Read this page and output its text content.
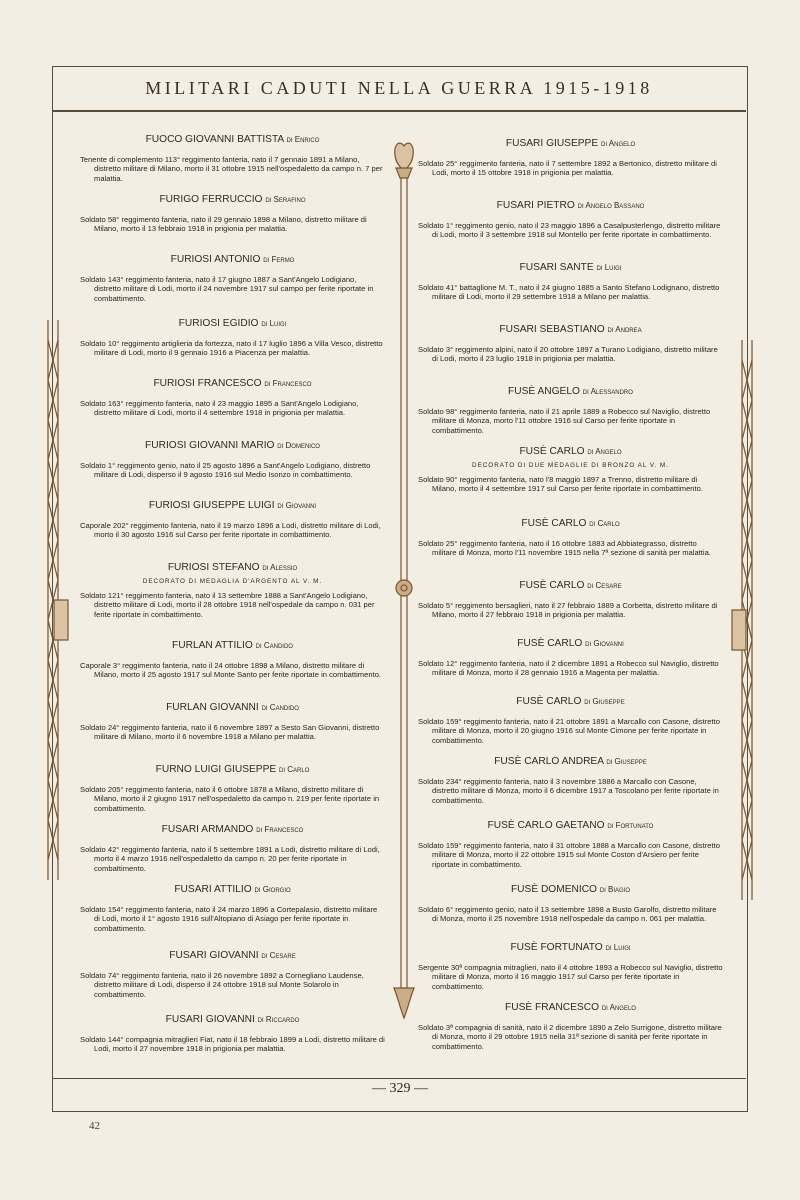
MILITARI CADUTI NELLA GUERRA 1915-1918

FUOCO GIOVANNI BATTISTA di Enrico

Tenente di complemento 113° reggimento fanteria, nato il 7 gennaio 1891 a Milano, distretto militare di Milano, morto il 31 ottobre 1915 nell'ospedaletto da campo n. 7 per malattia.

FURIGO FERRUCCIO di Serafino

Soldato 58° reggimento fanteria, nato il 29 gennaio 1898 a Milano, distretto militare di Milano, morto il 13 febbraio 1918 in prigionia per malattia.

FURIOSI ANTONIO di Fermo

Soldato 143° reggimento fanteria, nato il 17 giugno 1887 a Sant'Angelo Lodigiano, distretto militare di Lodi, morto il 24 novembre 1917 sul campo per ferite riportate in combattimento.

FURIOSI EGIDIO di Luigi

Soldato 10° reggimento artiglieria da fortezza, nato il 17 luglio 1896 a Villa Vesco, distretto militare di Lodi, morto il 9 gennaio 1916 a Piacenza per malattia.

FURIOSI FRANCESCO di Francesco

Soldato 163° reggimento fanteria, nato il 23 maggio 1895 a Sant'Angelo Lodigiano, distretto militare di Lodi, morto il 4 settembre 1918 in prigionia per malattia.

FURIOSI GIOVANNI MARIO di Domenico

Soldato 1° reggimento genio, nato il 25 agosto 1896 a Sant'Angelo Lodigiano, distretto militare di Lodi, disperso il 9 agosto 1916 sul Medio Isonzo in combattimento.

FURIOSI GIUSEPPE LUIGI di Giovanni

Caporale 202° reggimento fanteria, nato il 19 marzo 1896 a Lodi, distretto militare di Lodi, morto il 30 agosto 1916 sul Carso per ferite riportate in combattimento.

FURIOSI STEFANO di Alessio

DECORATO DI MEDAGLIA D'ARGENTO AL V. M.

Soldato 121° reggimento fanteria, nato il 13 settembre 1888 a Sant'Angelo Lodigiano, distretto militare di Lodi, morto il 28 ottobre 1918 nell'ospedale da campo n. 031 per ferite riportate in combattimento.

FURLAN ATTILIO di Candido

Caporale 3° reggimento fanteria, nato il 24 ottobre 1898 a Milano, distretto militare di Milano, morto il 25 agosto 1917 sul Monte Santo per ferite riportate in combattimento.

FURLAN GIOVANNI di Candido

Soldato 24° reggimento fanteria, nato il 6 novembre 1897 a Sesto San Giovanni, distretto militare di Milano, morto il 6 novembre 1918 a Milano per malattia.

FURNO LUIGI GIUSEPPE di Carlo

Soldato 205° reggimento fanteria, nato il 6 ottobre 1878 a Milano, distretto militare di Milano, morto il 2 giugno 1917 nell'ospedaletto da campo n. 219 per ferite riportate in combattimento.

FUSARI ARMANDO di Francesco

Soldato 42° reggimento fanteria, nato il 5 settembre 1891 a Lodi, distretto militare di Lodi, morto il 4 marzo 1916 nell'ospedaletto da campo n. 20 per ferite riportate in combattimento.

FUSARI ATTILIO di Giorgio

Soldato 154° reggimento fanteria, nato il 24 marzo 1896 a Cortepalasio, distretto militare di Lodi, morto il 1° agosto 1916 sull'Altopiano di Asiago per ferite riportate in combattimento.

FUSARI GIOVANNI di Cesare

Soldato 74° reggimento fanteria, nato il 26 novembre 1892 a Cornegliano Laudense, distretto militare di Lodi, disperso il 24 ottobre 1918 sul Monte Solarolo in combattimento.

FUSARI GIOVANNI di Riccardo

Soldato 144° compagnia mitraglieri Fiat, nato il 18 febbraio 1899 a Lodi, distretto militare di Lodi, morto il 27 novembre 1918 in prigionia per malattia.

FUSARI GIUSEPPE di Angelo

Soldato 25° reggimento fanteria, nato il 7 settembre 1892 a Bertonico, distretto militare di Lodi, morto il 15 ottobre 1918 in prigionia per malattia.

FUSARI PIETRO di Angelo Bassano

Soldato 1° reggimento genio, nato il 23 maggio 1896 a Casalpusterlengo, distretto militare di Lodi, morto il 3 settembre 1918 sul Montello per ferite riportate in combattimento.

FUSARI SANTE di Luigi

Soldato 41° battaglione M. T., nato il 24 giugno 1885 a Santo Stefano Lodignano, distretto militare di Lodi, morto il 29 settembre 1918 a Milano per malattia.

FUSARI SEBASTIANO di Andrea

Soldato 3° reggimento alpini, nato il 20 ottobre 1897 a Turano Lodigiano, distretto militare di Lodi, morto il 23 luglio 1918 in prigionia per malattia.

FUSÈ ANGELO di Alessandro

Soldato 98° reggimento fanteria, nato il 21 aprile 1889 a Robecco sul Naviglio, distretto militare di Monza, morto l'11 ottobre 1916 sul Carso per ferite riportate in combattimento.

FUSÈ CARLO di Angelo

DECORATO DI DUE MEDAGLIE DI BRONZO AL V. M.

Soldato 90° reggimento fanteria, nato l'8 maggio 1897 a Trenno, distretto militare di Milano, morto il 4 settembre 1917 sul Carso per ferite riportate in combattimento.

FUSÈ CARLO di Carlo

Soldato 25° reggimento fanteria, nato il 16 ottobre 1883 ad Abbiategrasso, distretto militare di Monza, morto l'11 novembre 1915 nella 7ª sezione di sanità per malattia.

FUSÈ CARLO di Cesare

Soldato 5° reggimento bersaglieri, nato il 27 febbraio 1889 a Corbetta, distretto militare di Milano, morto il 27 febbraio 1918 in prigionia per malattia.

FUSÈ CARLO di Giovanni

Soldato 12° reggimento fanteria, nato il 2 dicembre 1891 a Robecco sul Naviglio, distretto militare di Monza, morto il 28 gennaio 1916 a Magenta per malattia.

FUSÈ CARLO di Giuseppe

Soldato 159° reggimento fanteria, nato il 21 ottobre 1891 a Marcallo con Casone, distretto militare di Monza, morto il 20 giugno 1916 sul Monte Cimone per ferite riportate in combattimento.

FUSÈ CARLO ANDREA di Giuseppe

Soldato 234° reggimento fanteria, nato il 3 novembre 1886 a Marcallo con Casone, distretto militare di Monza, morto il 6 dicembre 1917 a Toscolano per ferite riportate in combattimento.

FUSÈ CARLO GAETANO di Fortunato

Soldato 159° reggimento fanteria, nato il 31 ottobre 1888 a Marcallo con Casone, distretto militare di Monza, morto il 22 ottobre 1915 sul Monte Coston d'Arsiero per ferite riportate in combattimento.

FUSÈ DOMENICO di Biagio

Soldato 6° reggimento genio, nato il 13 settembre 1898 a Busto Garolfo, distretto militare di Monza, morto il 25 novembre 1918 nell'ospedale da campo n. 061 per malattia.

FUSÈ FORTUNATO di Luigi

Sergente 30ª compagnia mitraglieri, nato il 4 ottobre 1893 a Robecco sul Naviglio, distretto militare di Monza, morto il 16 maggio 1917 sul Carso per ferite riportate in combattimento.

FUSÈ FRANCESCO di Angelo

Soldato 3ª compagnia di sanità, nato il 2 dicembre 1890 a Zelo Surrigone, distretto militare di Monza, morto il 29 ottobre 1915 nella 31ª sezione di sanità per ferite riportate in combattimento.

— 329 —
42
